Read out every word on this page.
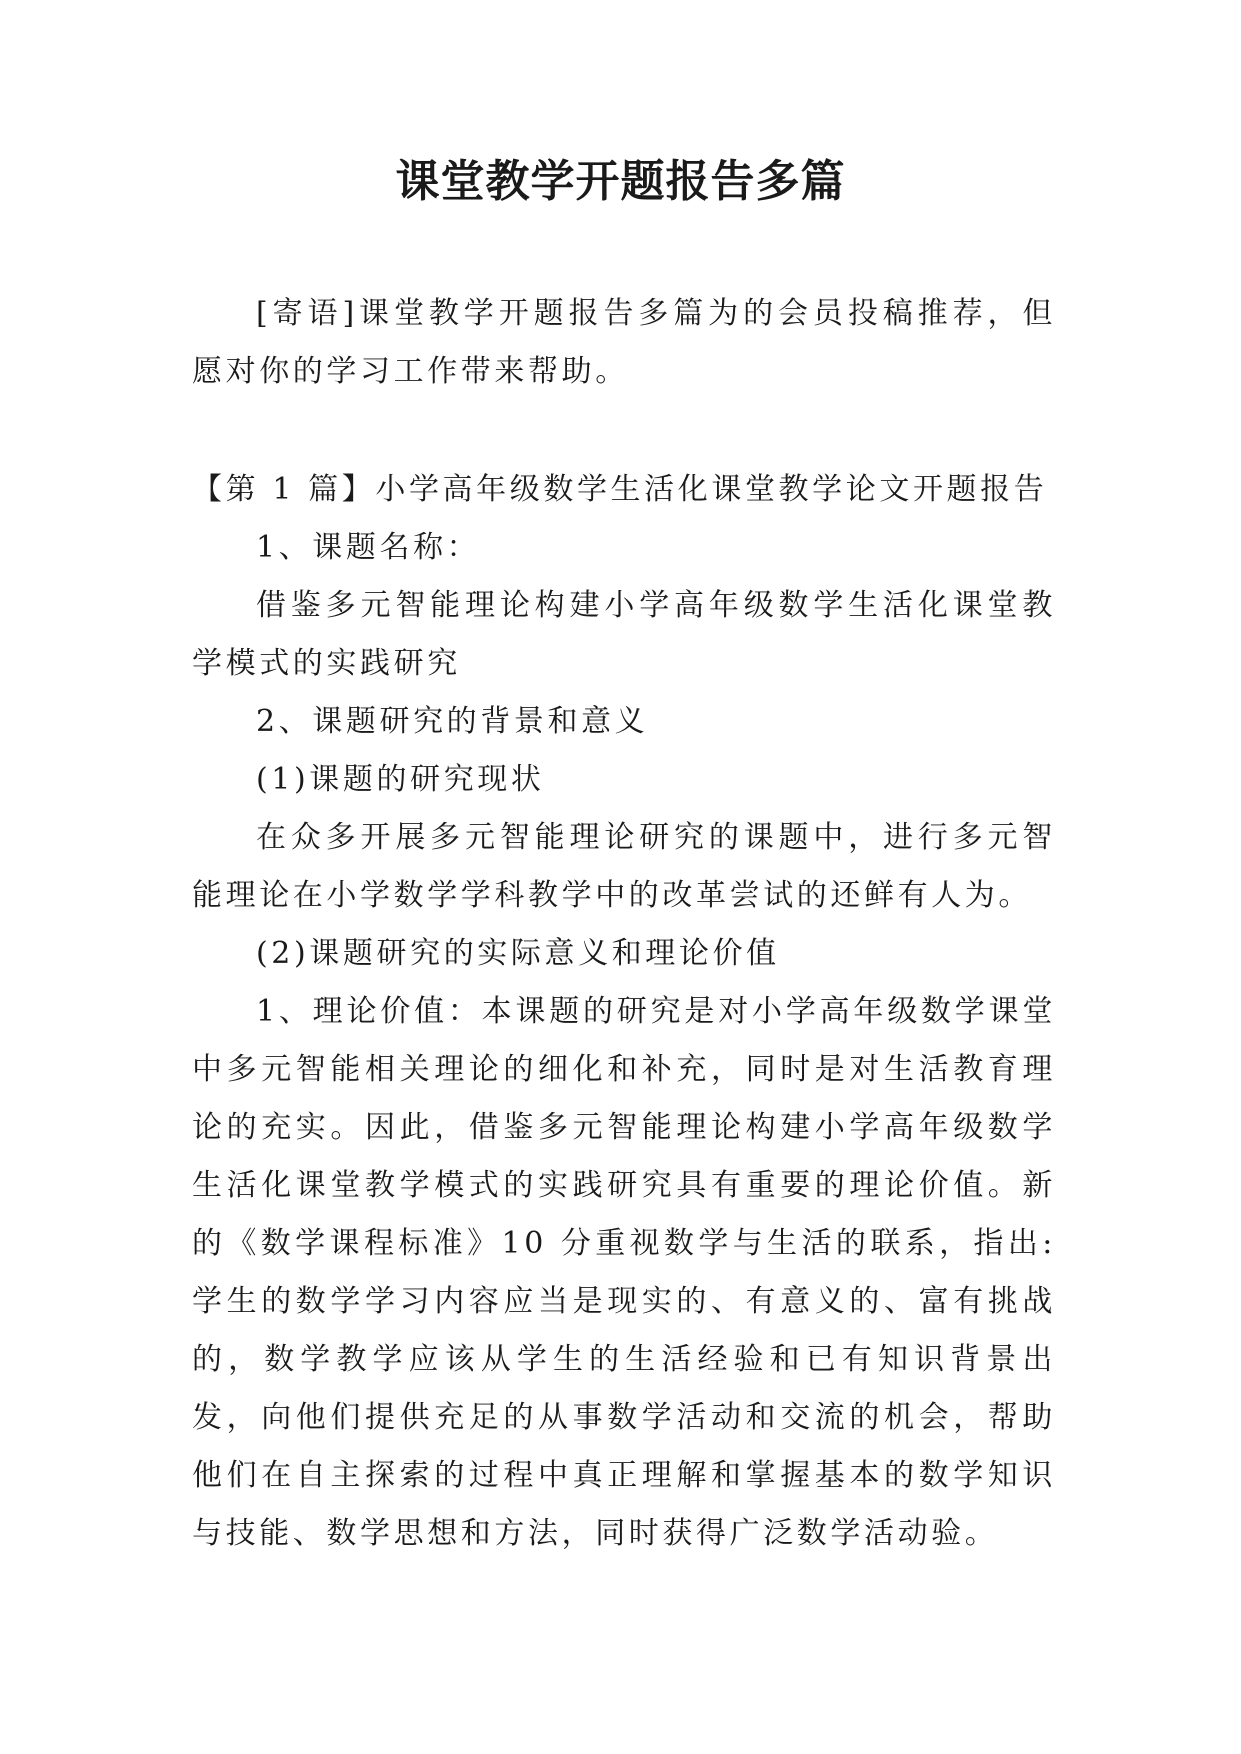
课堂教学开题报告多篇

[寄语]课堂教学开题报告多篇为的会员投稿推荐，但愿对你的学习工作带来帮助。

【第 1 篇】小学高年级数学生活化课堂教学论文开题报告

1、课题名称：

借鉴多元智能理论构建小学高年级数学生活化课堂教学模式的实践研究

2、课题研究的背景和意义

(1)课题的研究现状

在众多开展多元智能理论研究的课题中，进行多元智能理论在小学数学学科教学中的改革尝试的还鲜有人为。

(2)课题研究的实际意义和理论价值

1、理论价值：本课题的研究是对小学高年级数学课堂中多元智能相关理论的细化和补充，同时是对生活教育理论的充实。因此，借鉴多元智能理论构建小学高年级数学生活化课堂教学模式的实践研究具有重要的理论价值。新的《数学课程标准》10 分重视数学与生活的联系，指出: 学生的数学学习内容应当是现实的、有意义的、富有挑战的，数学教学应该从学生的生活经验和已有知识背景出发，向他们提供充足的从事数学活动和交流的机会，帮助他们在自主探索的过程中真正理解和掌握基本的数学知识与技能、数学思想和方法，同时获得广泛数学活动验。
